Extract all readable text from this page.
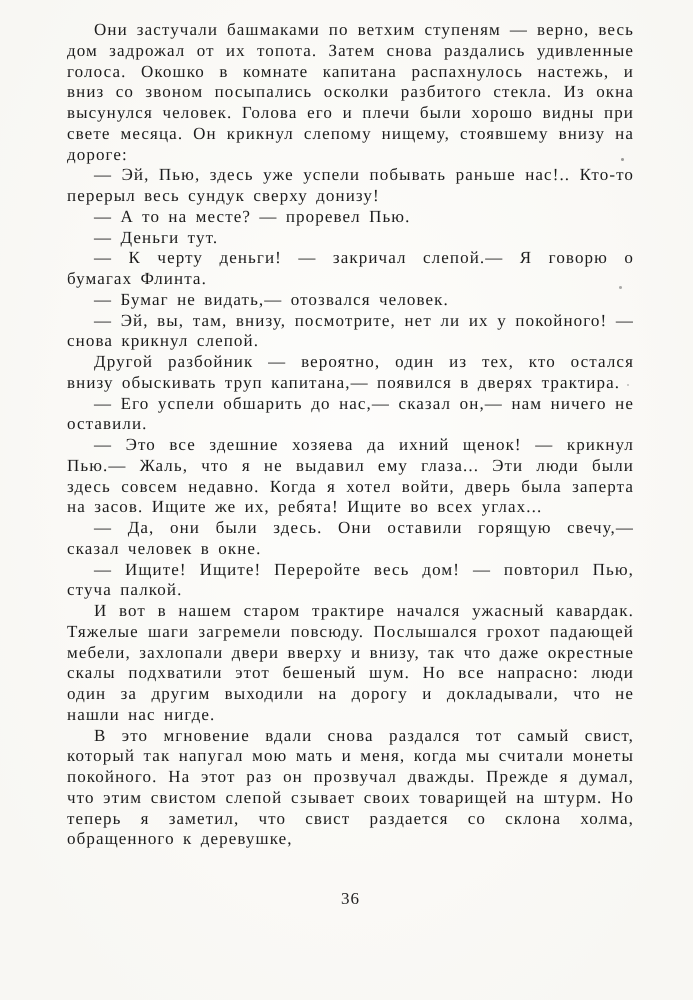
Они застучали башмаками по ветхим ступеням — верно, весь дом задрожал от их топота. Затем снова раздались удивленные голоса. Окошко в комнате капитана распахнулось настежь, и вниз со звоном посыпались осколки разбитого стекла. Из окна высунулся человек. Голова его и плечи были хорошо видны при свете месяца. Он крикнул слепому нищему, стоявшему внизу на дороге:

— Эй, Пью, здесь уже успели побывать раньше нас!.. Кто-то перерыл весь сундук сверху донизу!

— А то на месте? — проревел Пью.

— Деньги тут.

— К черту деньги! — закричал слепой.— Я говорю о бумагах Флинта.

— Бумаг не видать,— отозвался человек.

— Эй, вы, там, внизу, посмотрите, нет ли их у покойного! — снова крикнул слепой.

Другой разбойник — вероятно, один из тех, кто остался внизу обыскивать труп капитана,— появился в дверях трактира.

— Его успели обшарить до нас,— сказал он,— нам ничего не оставили.

— Это все здешние хозяева да ихний щенок! — крикнул Пью.— Жаль, что я не выдавил ему глаза... Эти люди были здесь совсем недавно. Когда я хотел войти, дверь была заперта на засов. Ищите же их, ребята! Ищите во всех углах...

— Да, они были здесь. Они оставили горящую свечу,— сказал человек в окне.

— Ищите! Ищите! Переройте весь дом! — повторил Пью, стуча палкой.

И вот в нашем старом трактире начался ужасный кавардак. Тяжелые шаги загремели повсюду. Послышался грохот падающей мебели, захлопали двери вверху и внизу, так что даже окрестные скалы подхватили этот бешеный шум. Но все напрасно: люди один за другим выходили на дорогу и докладывали, что не нашли нас нигде.

В это мгновение вдали снова раздался тот самый свист, который так напугал мою мать и меня, когда мы считали монеты покойного. На этот раз он прозвучал дважды. Прежде я думал, что этим свистом слепой сзывает своих товарищей на штурм. Но теперь я заметил, что свист раздается со склона холма, обращенного к деревушке,

36
